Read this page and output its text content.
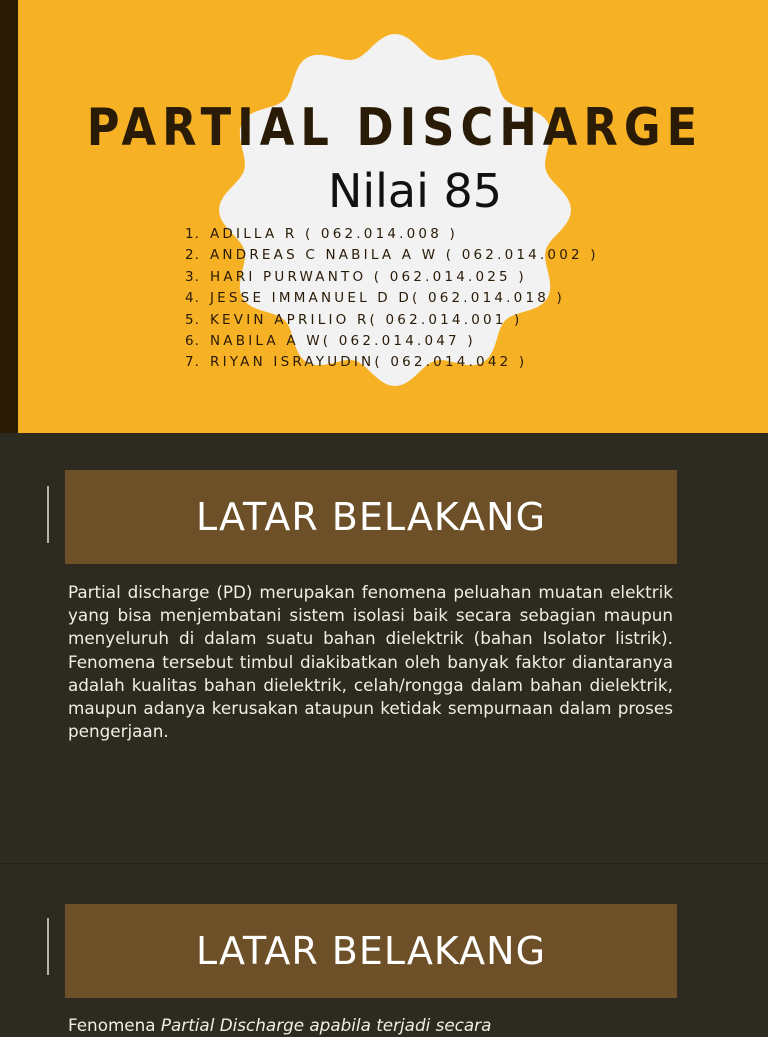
PARTIAL DISCHARGE
Nilai 85
1. ADILLA R ( 062.014.008 )
2. ANDREAS C NABILA A W ( 062.014.002 )
3. HARI PURWANTO ( 062.014.025 )
4. JESSE IMMANUEL D D( 062.014.018 )
5. KEVIN APRILIO R( 062.014.001 )
6. NABILA A W( 062.014.047 )
7. RIYAN ISRAYUDIN( 062.014.042 )
LATAR BELAKANG

Partial discharge (PD) merupakan fenomena peluahan muatan elektrik yang bisa menjembatani sistem isolasi baik secara sebagian maupun menyeluruh di dalam suatu bahan dielektrik (bahan Isolator listrik). Fenomena tersebut timbul diakibatkan oleh banyak faktor diantaranya adalah kualitas bahan dielektrik, celah/rongga dalam bahan dielektrik, maupun adanya kerusakan ataupun ketidak sempurnaan dalam proses pengerjaan.

LATAR BELAKANG

Fenomena Partial Discharge apabila terjadi secara
